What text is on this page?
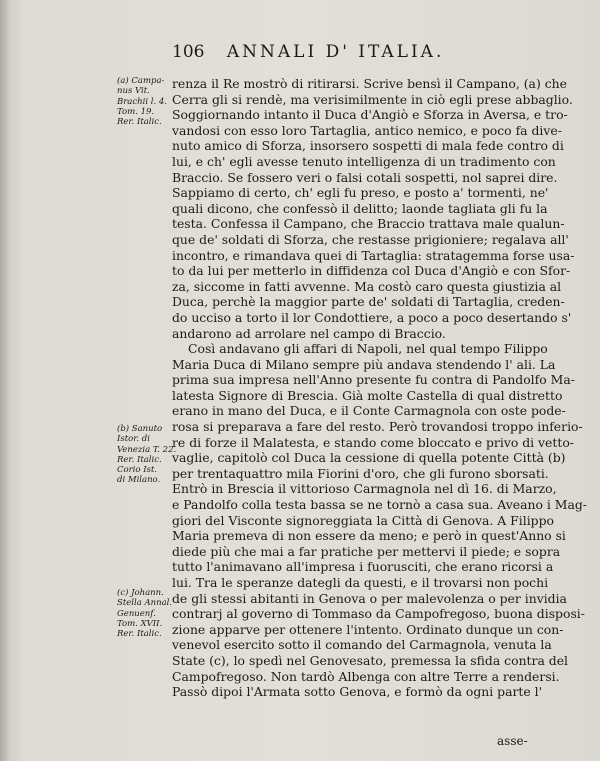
106 ANNALI D' ITALIA.
(a) Campa-
nus Vit.
Brachii l. 4.
Tom. 19.
Rer. Italic.
(b) Sanuto
Istor. di
Venezia T. 22.
Rer. Italic.
Corio Ist.
di Milano.
(c) Johann.
Stella Annal.
Genuenf.
Tom. XVII.
Rer. Italic.
renza il Re mostrò di ritirarsi. Scrive bensì il Campano, (a) che
Cerra gli si rendè, ma verisimilmente in ciò egli prese abbaglio.
Soggiornando intanto il Duca d'Angiò e Sforza in Aversa, e tro-
vandosi con esso loro Tartaglia, antico nemico, e poco fa dive-
nuto amico di Sforza, insorsero sospetti di mala fede contro di
lui, e ch' egli avesse tenuto intelligenza di un tradimento con
Braccio. Se fossero veri o falsi cotali sospetti, nol saprei dire.
Sappiamo di certo, ch' egli fu preso, e posto a' tormenti, ne'
quali dicono, che confessò il delitto; laonde tagliata gli fu la
testa. Confessa il Campano, che Braccio trattava male qualun-
que de' soldati di Sforza, che restasse prigioniere; regalava all'
incontro, e rimandava quei di Tartaglia: stratagemma forse usa-
to da lui per metterlo in diffidenza col Duca d'Angiò e con Sfor-
za, siccome in fatti avvenne. Ma costò caro questa giustizia al
Duca, perchè la maggior parte de' soldati di Tartaglia, creden-
do ucciso a torto il lor Condottiere, a poco a poco desertando s'
andarono ad arrolare nel campo di Braccio.
Così andavano gli affari di Napoli, nel qual tempo Filippo
Maria Duca di Milano sempre più andava stendendo l' ali. La
prima sua impresa nell'Anno presente fu contra di Pandolfo Ma-
latesta Signore di Brescia. Già molte Castella di qual distretto
erano in mano del Duca, e il Conte Carmagnola con oste pode-
rosa si preparava a fare del resto. Però trovandosi troppo inferio-
re di forze il Malatesta, e stando come bloccato e privo di vetto-
vaglie, capitolò col Duca la cessione di quella potente Città (b)
per trentaquattro mila Fiorini d'oro, che gli furono sborsati.
Entrò in Brescia il vittorioso Carmagnola nel dì 16. di Marzo,
e Pandolfo colla testa bassa se ne tornò a casa sua. Aveano i Mag-
giori del Visconte signoreggiata la Città di Genova. A Filippo
Maria premeva di non essere da meno; e però in quest'Anno si
diede più che mai a far pratiche per mettervi il piede; e sopra
tutto l'animavano all'impresa i fuorusciti, che erano ricorsi a
lui. Tra le speranze dategli da questi, e il trovarsi non pochi
de gli stessi abitanti in Genova o per malevolenza o per invidia
contrarj al governo di Tommaso da Campofregoso, buona disposi-
zione apparve per ottenere l'intento. Ordinato dunque un con-
venevol esercito sotto il comando del Carmagnola, venuta la
State (c), lo spedì nel Genovesato, premessa la sfida contra del
Campofregoso. Non tardò Albenga con altre Terre a rendersi.
Passò dipoi l'Armata sotto Genova, e formò da ogni parte l'
asse-
